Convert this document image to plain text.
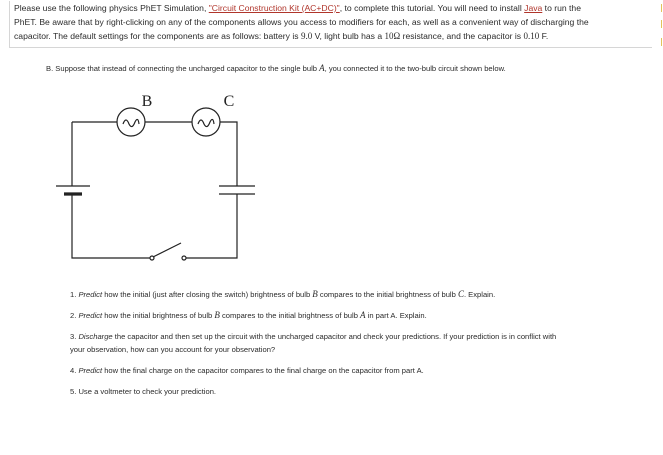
Please use the following physics PhET Simulation, "Circuit Construction Kit (AC+DC)", to complete this tutorial. You will need to install Java to run the
PhET. Be aware that by right-clicking on any of the components allows you access to modifiers for each, as well as a convenient way of discharging the
capacitor. The default settings for the components are as follows: battery is 9.0 V, light bulb has a 10Ω resistance, and the capacitor is 0.10 F.
B. Suppose that instead of connecting the uncharged capacitor to the single bulb A, you connected it to the two-bulb circuit shown below.
B	C
1. Predict how the initial (just after closing the switch) brightness of bulb B compares to the initial brightness of bulb C. Explain.
2. Predict how the initial brightness of bulb B compares to the initial brightness of bulb A in part A. Explain.
3. Discharge the capacitor and then set up the circuit with the uncharged capacitor and check your predictions. If your prediction is in conflict with
your observation, how can you account for your observation?
4. Predict how the final charge on the capacitor compares to the final charge on the capacitor from part A.
5. Use a voltmeter to check your prediction.
